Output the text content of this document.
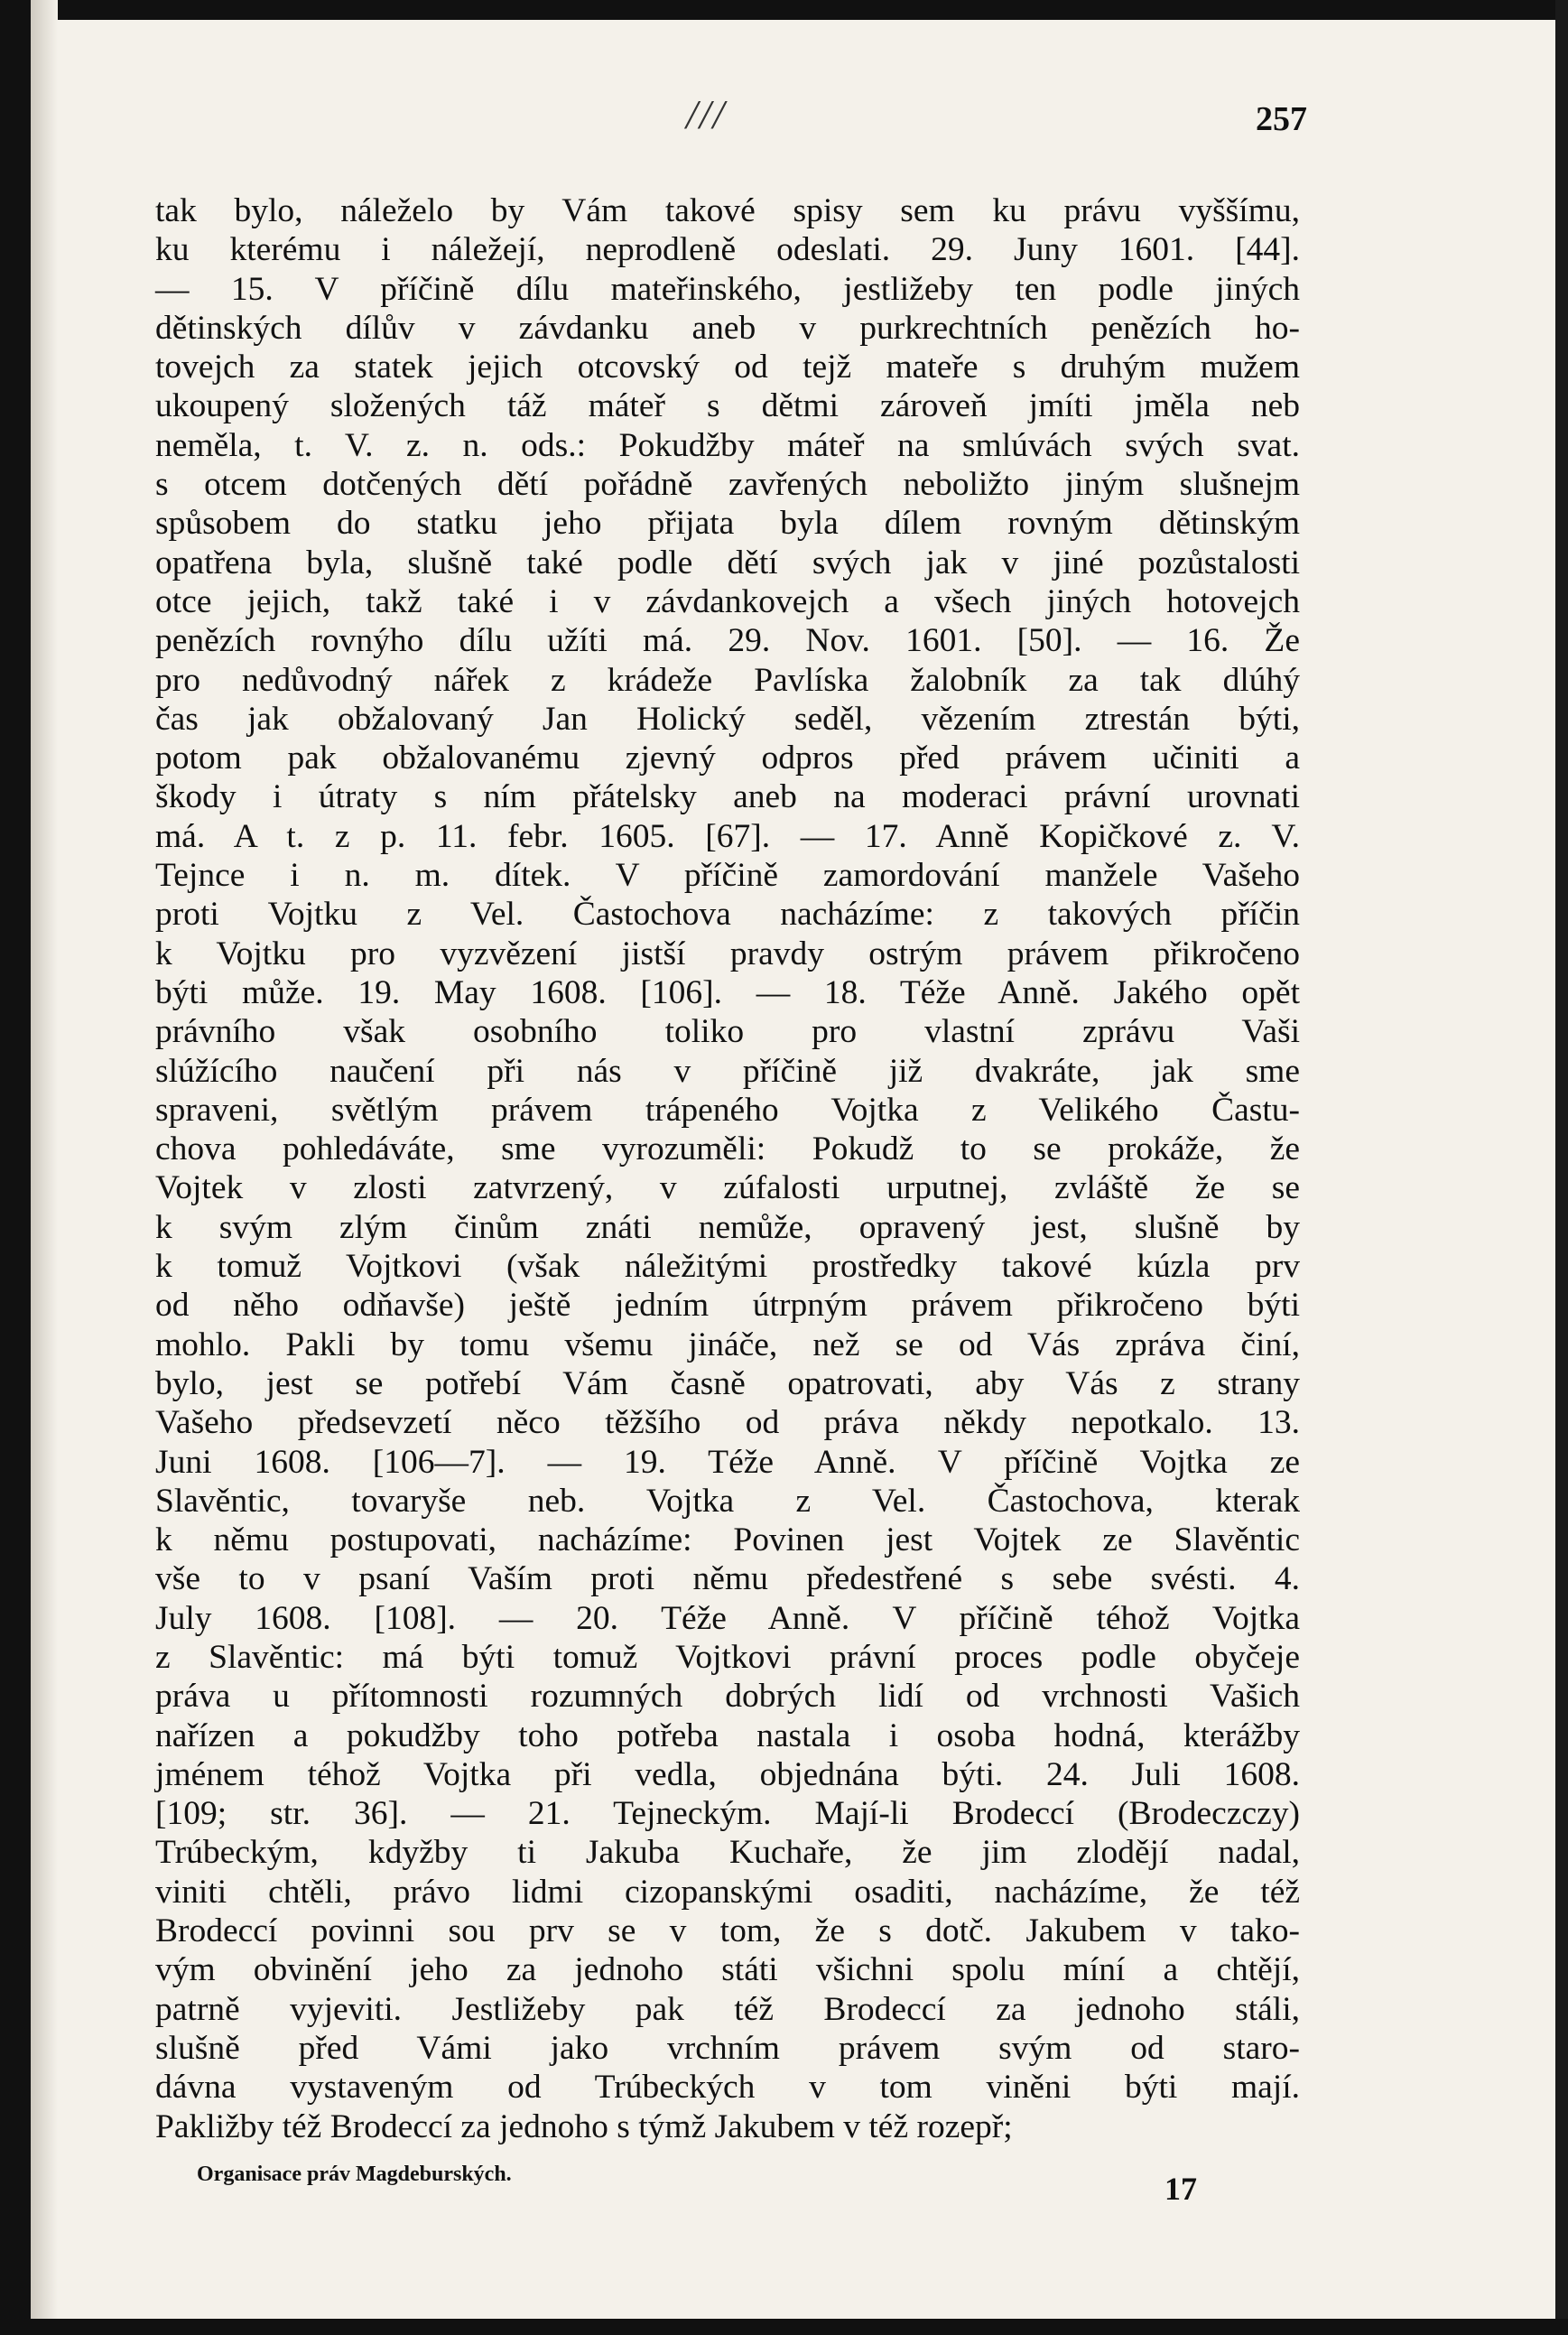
///	257
tak bylo, náleželo by Vám takové spisy sem ku právu vyššímu,
ku kterému i náležejí, neprodleně odeslati. 29. Juny 1601. [44].
— 15. V příčině dílu mateřinského, jestližeby ten podle jiných
dětinských dílův v závdanku aneb v purkrechtních penězích ho-
tovejch za statek jejich otcovský od tejž mateře s druhým mužem
ukoupený složených táž máteř s dětmi zároveň jmíti jměla neb
neměla, t. V. z. n. ods.: Pokudžby máteř na smlúvách svých svat.
s otcem dotčených dětí pořádně zavřených neboližto jiným slušnejm
spůsobem do statku jeho přijata byla dílem rovným dětinským
opatřena byla, slušně také podle dětí svých jak v jiné pozůstalosti
otce jejich, takž také i v závdankovejch a všech jiných hotovejch
penězích rovnýho dílu užíti má. 29. Nov. 1601. [50]. — 16. Že
pro nedůvodný nářek z krádeže Pavlíska žalobník za tak dlúhý
čas jak obžalovaný Jan Holický seděl, vězením ztrestán býti,
potom pak obžalovanému zjevný odpros před právem učiniti a
škody i útraty s ním přátelsky aneb na moderaci právní urovnati
má. A t. z p. 11. febr. 1605. [67]. — 17. Anně Kopičkové z. V.
Tejnce i n. m. dítek. V příčině zamordování manžele Vašeho
proti Vojtku z Vel. Častochova nacházíme: z takových příčin
k Vojtku pro vyzvězení jistší pravdy ostrým právem přikročeno
býti může. 19. May 1608. [106]. — 18. Téže Anně. Jakého opět
právního však osobního toliko pro vlastní zprávu Vaši
slúžícího naučení při nás v příčině již dvakráte, jak sme
spraveni, světlým právem trápeného Vojtka z Velikého Častu-
chova pohledáváte, sme vyrozuměli: Pokudž to se prokáže, že
Vojtek v zlosti zatvrzený, v zúfalosti urputnej, zvláště že se
k svým zlým činům znáti nemůže, opravený jest, slušně by
k tomuž Vojtkovi (však náležitými prostředky takové kúzla prv
od něho odňavše) ještě jedním útrpným právem přikročeno býti
mohlo. Pakli by tomu všemu jináče, než se od Vás zpráva činí,
bylo, jest se potřebí Vám časně opatrovati, aby Vás z strany
Vašeho předsevzetí něco těžšího od práva někdy nepotkalo. 13.
Juni 1608. [106—7]. — 19. Téže Anně. V příčině Vojtka ze
Slavěntic, tovaryše neb. Vojtka z Vel. Častochova, kterak
k němu postupovati, nacházíme: Povinen jest Vojtek ze Slavěntic
vše to v psaní Vaším proti němu předestřené s sebe svésti. 4.
July 1608. [108]. — 20. Téže Anně. V příčině téhož Vojtka
z Slavěntic: má býti tomuž Vojtkovi právní proces podle obyčeje
práva u přítomnosti rozumných dobrých lidí od vrchnosti Vašich
nařízen a pokudžby toho potřeba nastala i osoba hodná, kterážby
jménem téhož Vojtka při vedla, objednána býti. 24. Juli 1608.
[109; str. 36]. — 21. Tejneckým. Mají-li Brodeccí (Brodeczczy)
Trúbeckým, kdyžby ti Jakuba Kuchaře, že jim zlodějí nadal,
viniti chtěli, právo lidmi cizopanskými osaditi, nacházíme, že též
Brodeccí povinni sou prv se v tom, že s dotč. Jakubem v tako-
vým obvinění jeho za jednoho státi všichni spolu míní a chtějí,
patrně vyjeviti. Jestližeby pak též Brodeccí za jednoho stáli,
slušně před Vámi jako vrchním právem svým od staro-
dávna vystaveným od Trúbeckých v tom viněni býti mají.
Pakližby též Brodeccí za jednoho s týmž Jakubem v též rozepř;
Organisace práv Magdeburských.	17
